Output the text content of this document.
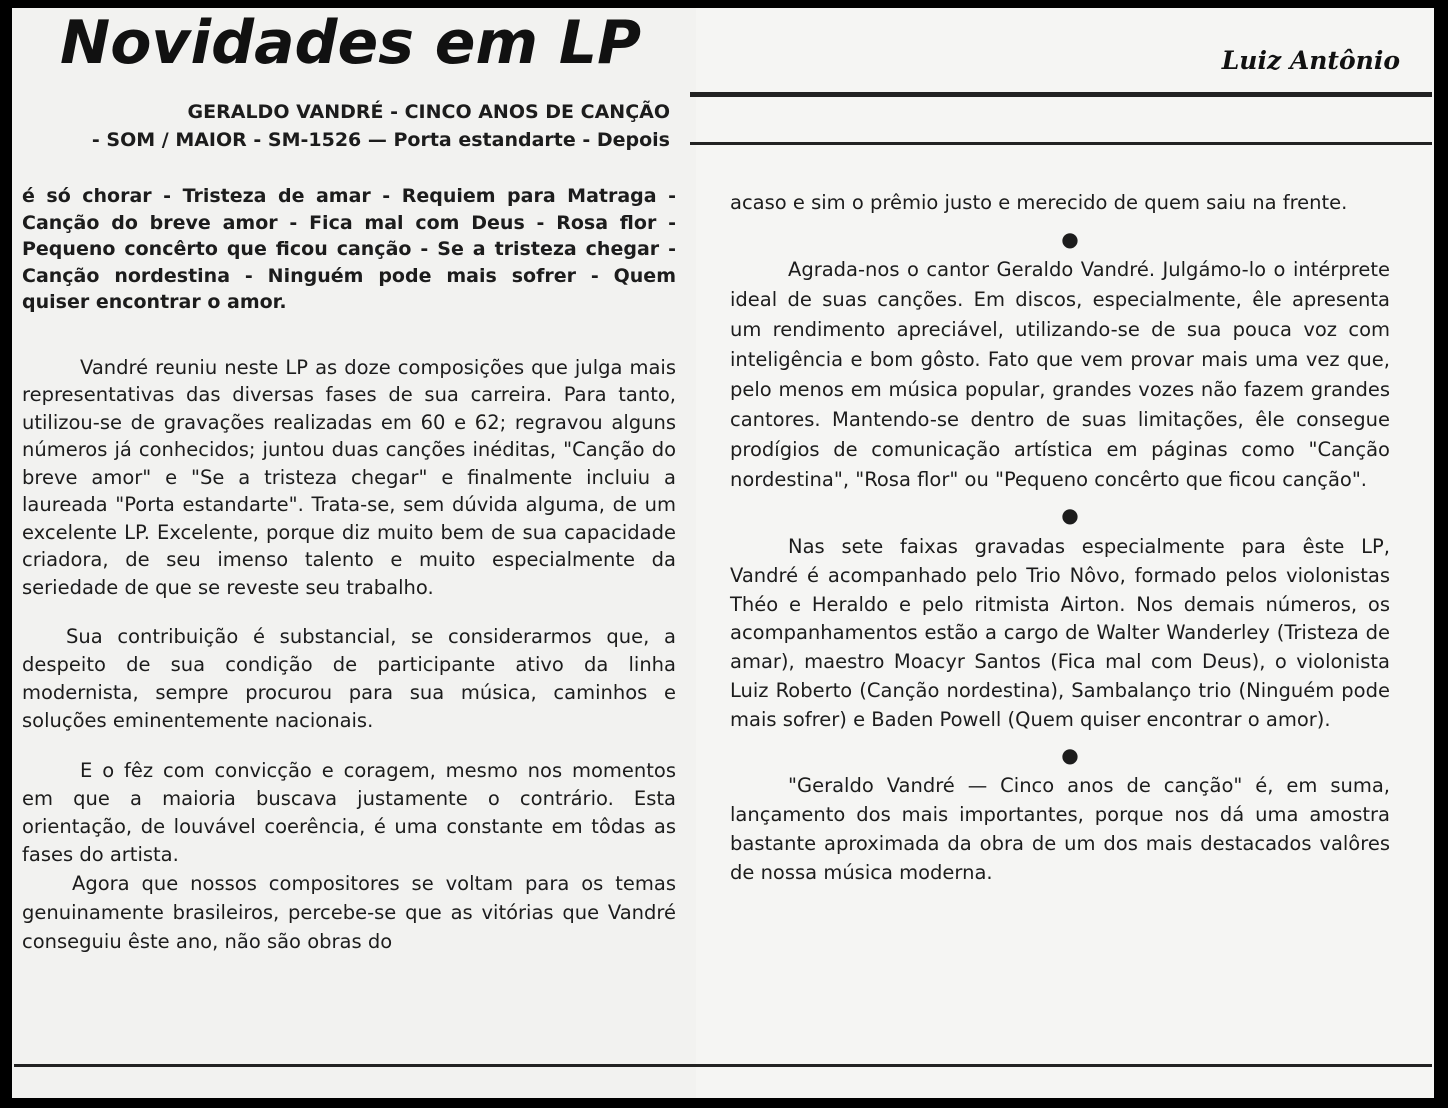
Novidades em LP	Luiz Antônio
GERALDO VANDRÉ - CINCO ANOS DE CANÇÃO
- SOM / MAIOR - SM-1526 — Porta estandarte - Depois

é só chorar - Tristeza de amar - Requiem para Matraga - Canção do breve amor - Fica mal com Deus - Rosa flor - Pequeno concêrto que ficou canção - Se a tristeza chegar - Canção nordestina - Ninguém pode mais sofrer - Quem quiser encontrar o amor.

Vandré reuniu neste LP as doze composições que julga mais representativas das diversas fases de sua carreira. Para tanto, utilizou-se de gravações realizadas em 60 e 62; regravou alguns números já conhecidos; juntou duas canções inéditas, "Canção do breve amor" e "Se a tristeza chegar" e finalmente incluiu a laureada "Porta estandarte". Trata-se, sem dúvida alguma, de um excelente LP. Excelente, porque diz muito bem de sua capacidade criadora, de seu imenso talento e muito especialmente da seriedade de que se reveste seu trabalho.

Sua contribuição é substancial, se considerarmos que, a despeito de sua condição de participante ativo da linha modernista, sempre procurou para sua música, caminhos e soluções eminentemente nacionais.

E o fêz com convicção e coragem, mesmo nos momentos em que a maioria buscava justamente o contrário. Esta orientação, de louvável coerência, é uma constante em tôdas as fases do artista.

Agora que nossos compositores se voltam para os temas genuinamente brasileiros, percebe-se que as vitórias que Vandré conseguiu êste ano, não são obras do

acaso e sim o prêmio justo e merecido de quem saiu na frente.

●

Agrada-nos o cantor Geraldo Vandré. Julgámo-lo o intérprete ideal de suas canções. Em discos, especialmente, êle apresenta um rendimento apreciável, utilizando-se de sua pouca voz com inteligência e bom gôsto. Fato que vem provar mais uma vez que, pelo menos em música popular, grandes vozes não fazem grandes cantores. Mantendo-se dentro de suas limitações, êle consegue prodígios de comunicação artística em páginas como "Canção nordestina", "Rosa flor" ou "Pequeno concêrto que ficou canção".

●

Nas sete faixas gravadas especialmente para êste LP, Vandré é acompanhado pelo Trio Nôvo, formado pelos violonistas Théo e Heraldo e pelo ritmista Airton. Nos demais números, os acompanhamentos estão a cargo de Walter Wanderley (Tristeza de amar), maestro Moacyr Santos (Fica mal com Deus), o violonista Luiz Roberto (Canção nordestina), Sambalanço trio (Ninguém pode mais sofrer) e Baden Powell (Quem quiser encontrar o amor).

●

"Geraldo Vandré — Cinco anos de canção" é, em suma, lançamento dos mais importantes, porque nos dá uma amostra bastante aproximada da obra de um dos mais destacados valôres de nossa música moderna.
